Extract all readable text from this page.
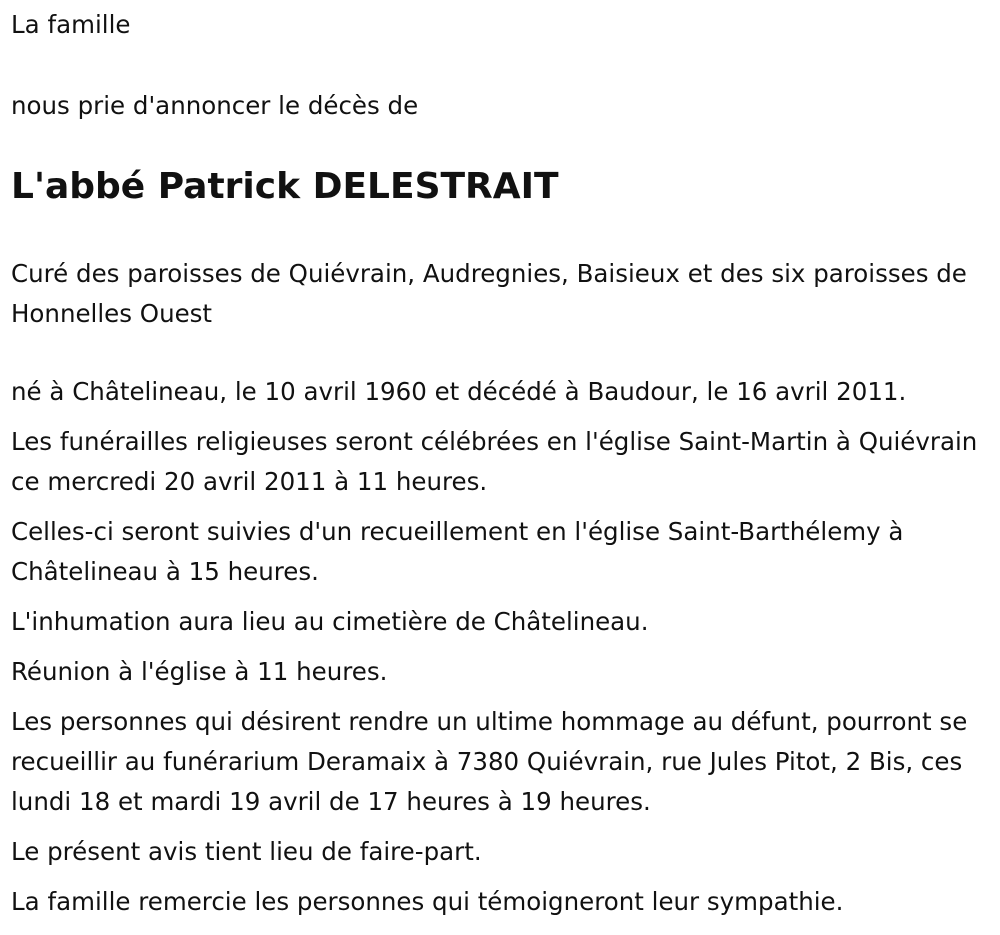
La famille

nous prie d'annoncer le décès de

L'abbé Patrick DELESTRAIT

Curé des paroisses de Quiévrain, Audregnies, Baisieux et des six paroisses de Honnelles Ouest

né à Châtelineau, le 10 avril 1960 et décédé à Baudour, le 16 avril 2011.

Les funérailles religieuses seront célébrées en l'église Saint-Martin à Quiévrain ce mercredi 20 avril 2011 à 11 heures.

Celles-ci seront suivies d'un recueillement en l'église Saint-Barthélemy à Châtelineau à 15 heures.

L'inhumation aura lieu au cimetière de Châtelineau.

Réunion à l'église à 11 heures.

Les personnes qui désirent rendre un ultime hommage au défunt, pourront se recueillir au funérarium Deramaix à 7380 Quiévrain, rue Jules Pitot, 2 Bis, ces lundi 18 et mardi 19 avril de 17 heures à 19 heures.

Le présent avis tient lieu de faire-part.

La famille remercie les personnes qui témoigneront leur sympathie.
